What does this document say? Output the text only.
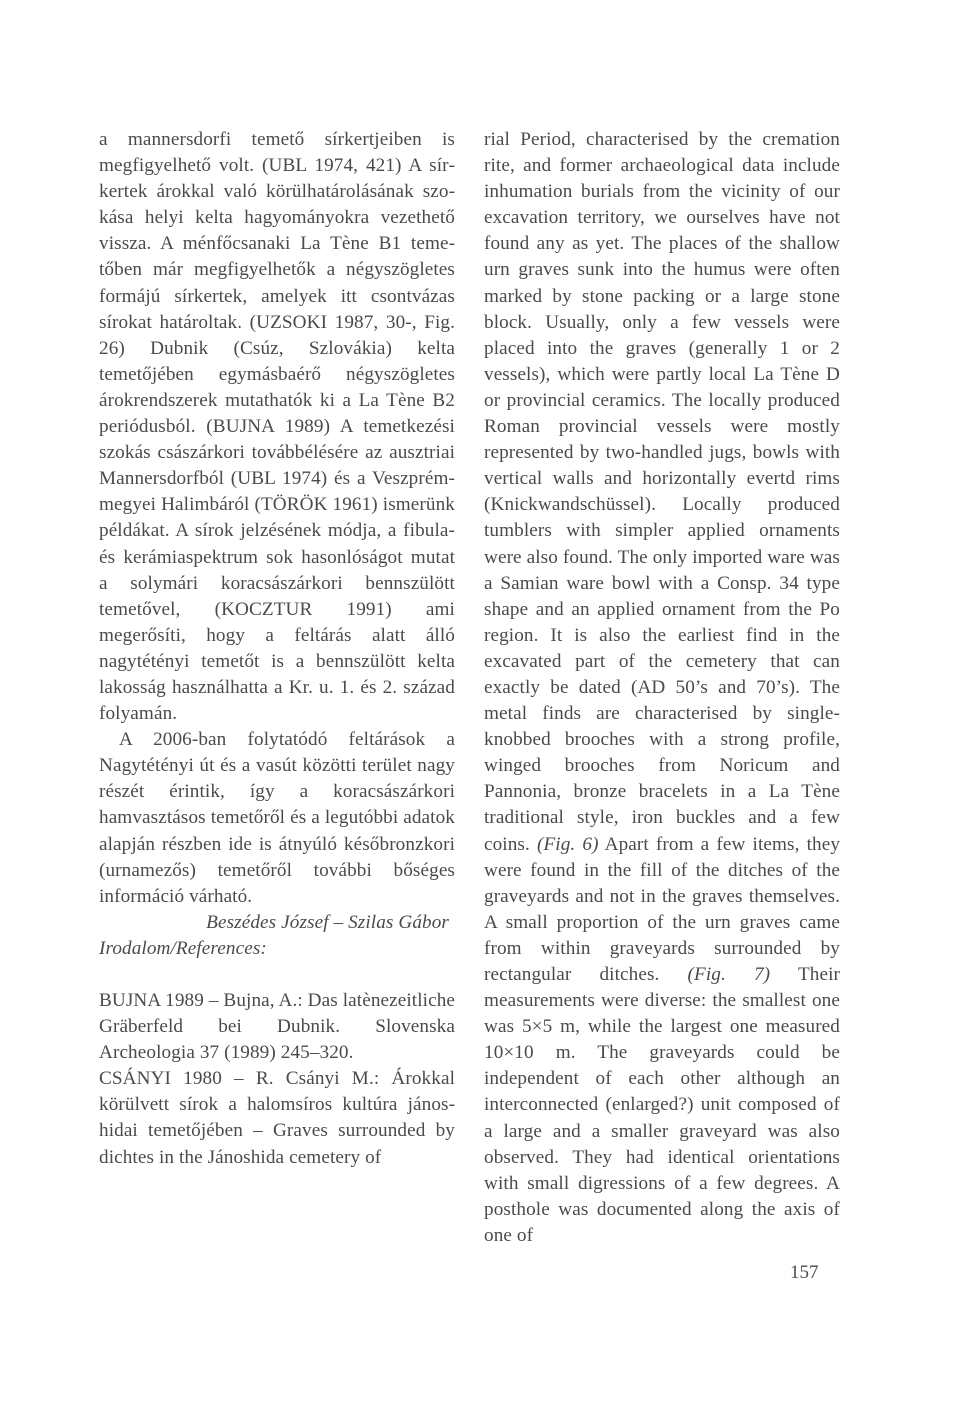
a mannersdorfi temető sírkertjeiben is megfigyelhető volt. (UBL 1974, 421) A sírkertek árokkal való körülhatárolásának szokása helyi kelta hagyományokra vezethető vissza. A ménfőcsanaki La Tène B1 temetőben már megfigyelhetők a négyszögletes formájú sírkertek, amelyek itt csontvázas sírokat határoltak. (UZSOKI 1987, 30-, Fig. 26) Dubnik (Csúz, Szlovákia) kelta temetőjében egymásbaérő négyszögletes árokrendszerek mutathatók ki a La Tène B2 periódusból. (BUJNA 1989) A temetkezési szokás császárkori továbbélésére az ausztriai Mannersdorfból (UBL 1974) és a Veszprém-megyei Halimbáról (TÖRÖK 1961) ismerünk példákat. A sírok jelzésének módja, a fibula- és kerámiaspektrum sok hasonlóságot mutat a solymári koracsászárkori bennszülött temetővel, (KOCZTUR 1991) ami megerősíti, hogy a feltárás alatt álló nagytétényi temetőt is a bennszülött kelta lakosság használhatta a Kr. u. 1. és 2. század folyamán.

A 2006-ban folytatódó feltárások a Nagytétényi út és a vasút közötti terület nagy részét érintik, így a koracsászárkori hamvasztásos temetőről és a legutóbbi adatok alapján részben ide is átnyúló későbronzkori (urnamezős) temetőről további bőséges információ várható.

Beszédes József – Szilas Gábor

Irodalom/References:

BUJNA 1989 – Bujna, A.: Das latènezeitliche Gräberfeld bei Dubnik. Slovenska Archeologia 37 (1989) 245–320.

CSÁNYI 1980 – R. Csányi M.: Árokkal körülvett sírok a halomsíros kultúra jánoshidai temetőjében – Graves surrounded by dichtes in the Jánoshida cemetery of

rial Period, characterised by the cremation rite, and former archaeological data include inhumation burials from the vicinity of our excavation territory, we ourselves have not found any as yet. The places of the shallow urn graves sunk into the humus were often marked by stone packing or a large stone block. Usually, only a few vessels were placed into the graves (generally 1 or 2 vessels), which were partly local La Tène D or provincial ceramics. The locally produced Roman provincial vessels were mostly represented by two-handled jugs, bowls with vertical walls and horizontally evertd rims (Knickwandschüssel). Locally produced tumblers with simpler applied ornaments were also found. The only imported ware was a Samian ware bowl with a Consp. 34 type shape and an applied ornament from the Po region. It is also the earliest find in the excavated part of the cemetery that can exactly be dated (AD 50’s and 70’s). The metal finds are characterised by single-knobbed brooches with a strong profile, winged brooches from Noricum and Pannonia, bronze bracelets in a La Tène traditional style, iron buckles and a few coins. (Fig. 6) Apart from a few items, they were found in the fill of the ditches of the graveyards and not in the graves themselves. A small proportion of the urn graves came from within graveyards surrounded by rectangular ditches. (Fig. 7) Their measurements were diverse: the smallest one was 5×5 m, while the largest one measured 10×10 m. The graveyards could be independent of each other although an interconnected (enlarged?) unit composed of a large and a smaller graveyard was also observed. They had identical orientations with small digressions of a few degrees. A posthole was documented along the axis of one of

157
